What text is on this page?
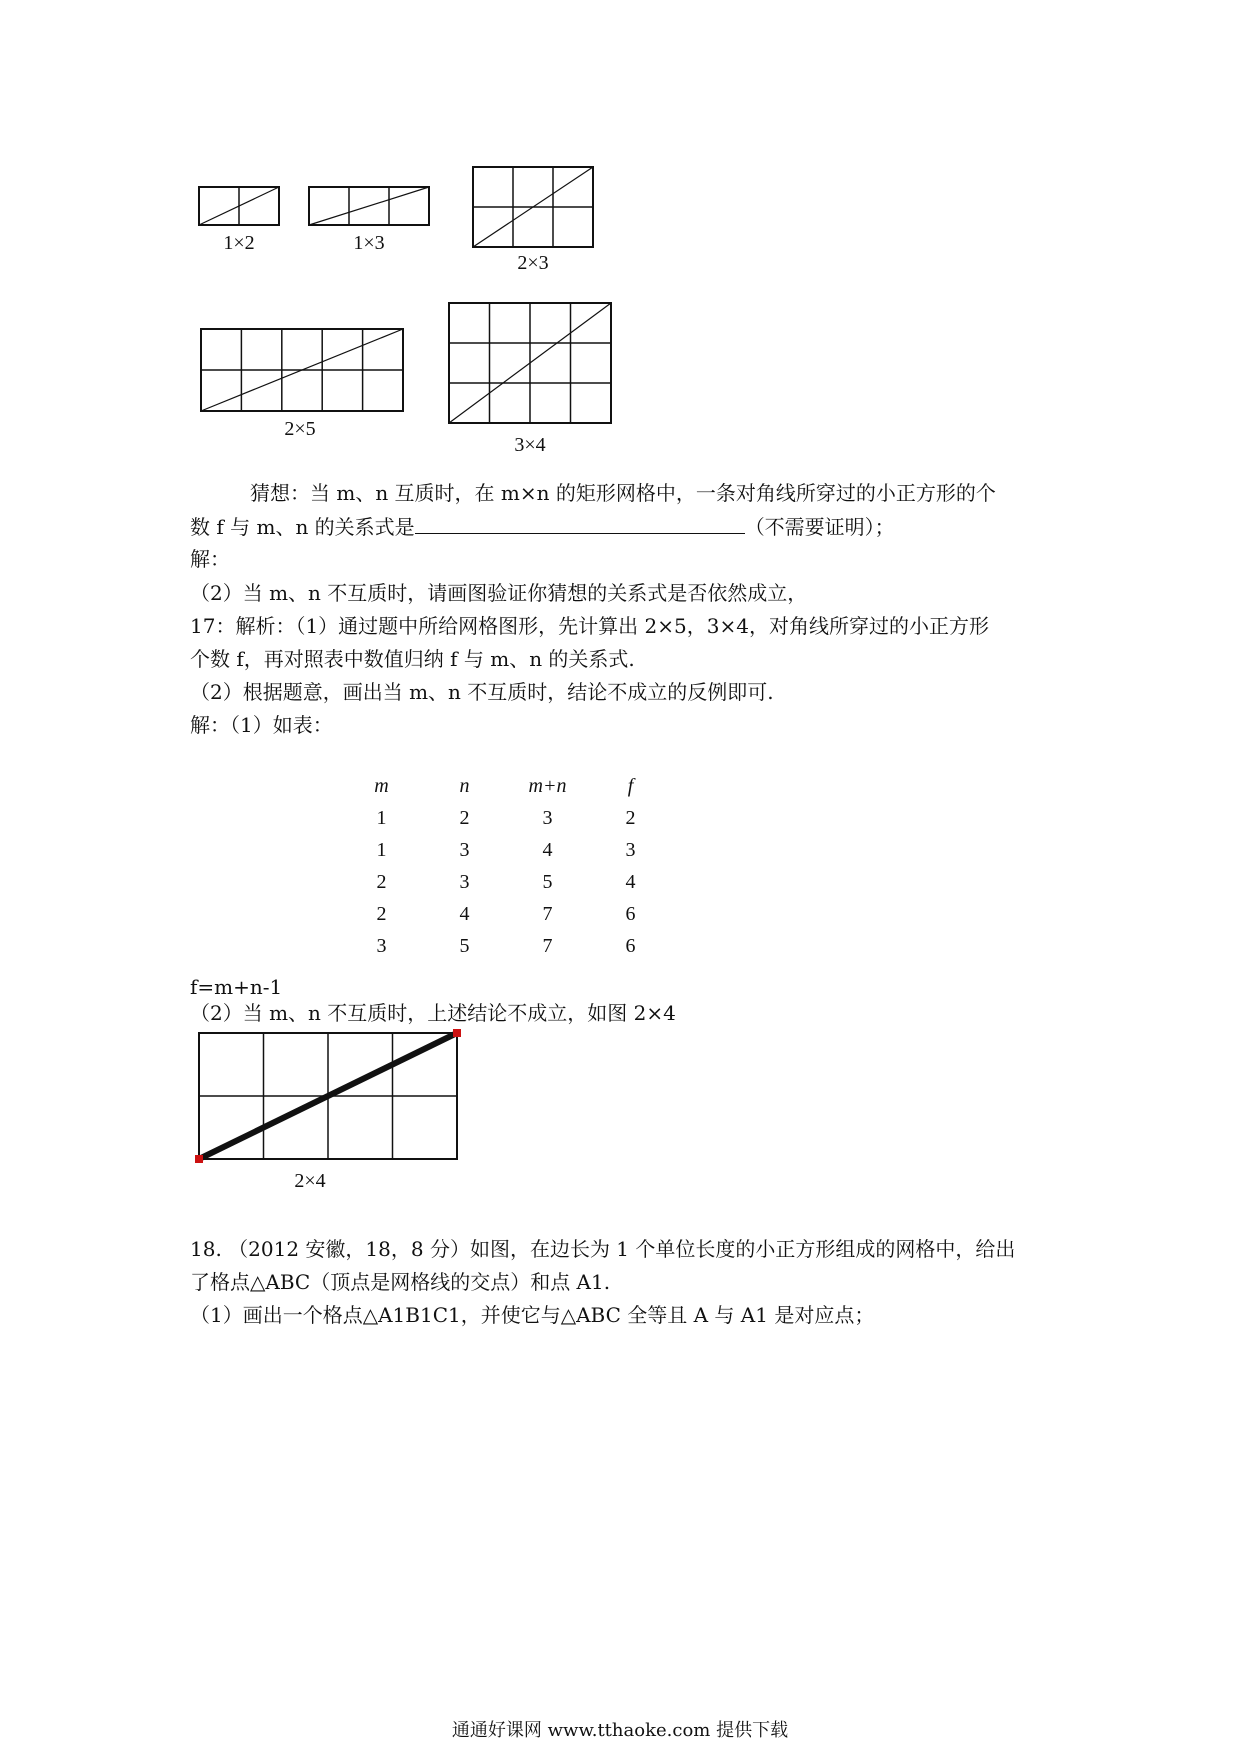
1×2	1×3
2×3
2×5
3×4
猜想：当 m、n 互质时，在 m×n 的矩形网格中，一条对角线所穿过的小正方形的个
数 f 与 m、n 的关系式是	（不需要证明）；
解：
（2）当 m、n 不互质时，请画图验证你猜想的关系式是否依然成立，
17：解析：（1）通过题中所给网格图形，先计算出 2×5，3×4，对角线所穿过的小正方形
个数 f，再对照表中数值归纳 f 与 m、n 的关系式.
（2）根据题意，画出当 m、n 不互质时，结论不成立的反例即可.
解：（1）如表：
m	n	m+n	f
1	2	3	2
1	3	4	3
2	3	5	4
2	4	7	6
3	5	7	6
f=m+n-1
（2）当 m、n 不互质时，上述结论不成立，如图 2×4
2×4
18. （2012 安徽，18，8 分）如图，在边长为 1 个单位长度的小正方形组成的网格中，给出
了格点△ABC（顶点是网格线的交点）和点 A1.
（1）画出一个格点△A1B1C1，并使它与△ABC 全等且 A 与 A1 是对应点；
通通好课网 www.tthaoke.com 提供下载
